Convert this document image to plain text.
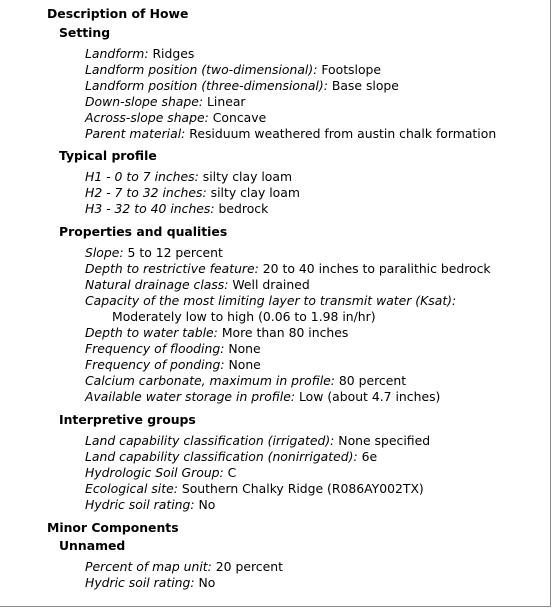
Description of Howe
Setting
Landform: Ridges
Landform position (two-dimensional): Footslope
Landform position (three-dimensional): Base slope
Down-slope shape: Linear
Across-slope shape: Concave
Parent material: Residuum weathered from austin chalk formation
Typical profile
H1 - 0 to 7 inches: silty clay loam
H2 - 7 to 32 inches: silty clay loam
H3 - 32 to 40 inches: bedrock
Properties and qualities
Slope: 5 to 12 percent
Depth to restrictive feature: 20 to 40 inches to paralithic bedrock
Natural drainage class: Well drained
Capacity of the most limiting layer to transmit water (Ksat):
Moderately low to high (0.06 to 1.98 in/hr)
Depth to water table: More than 80 inches
Frequency of flooding: None
Frequency of ponding: None
Calcium carbonate, maximum in profile: 80 percent
Available water storage in profile: Low (about 4.7 inches)
Interpretive groups
Land capability classification (irrigated): None specified
Land capability classification (nonirrigated): 6e
Hydrologic Soil Group: C
Ecological site: Southern Chalky Ridge (R086AY002TX)
Hydric soil rating: No
Minor Components
Unnamed
Percent of map unit: 20 percent
Hydric soil rating: No
